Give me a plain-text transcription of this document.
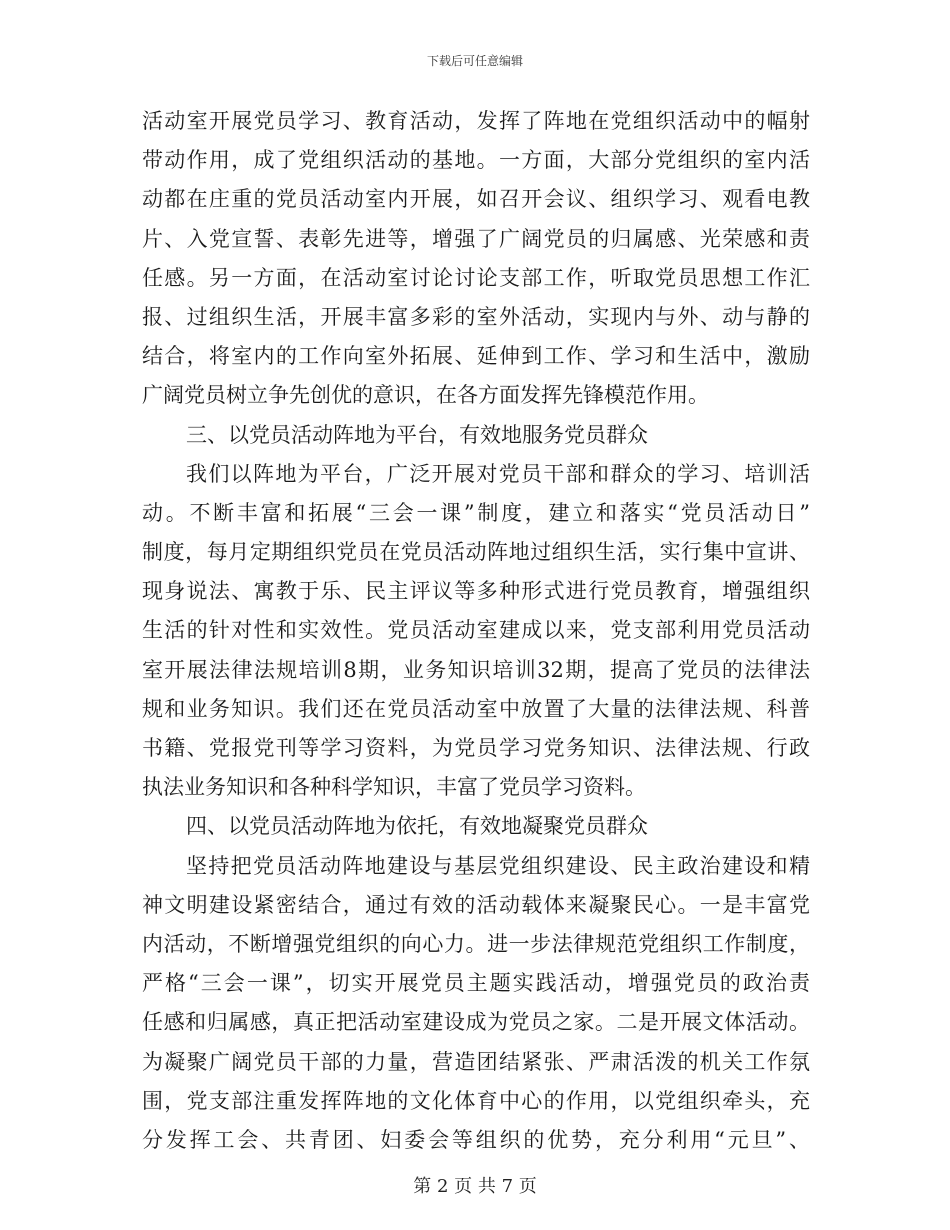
下载后可任意编辑
活动室开展党员学习、教育活动，发挥了阵地在党组织活动中的幅射
带动作用，成了党组织活动的基地。一方面，大部分党组织的室内活
动都在庄重的党员活动室内开展，如召开会议、组织学习、观看电教
片、入党宣誓、表彰先进等，增强了广阔党员的归属感、光荣感和责
任感。另一方面，在活动室讨论讨论支部工作，听取党员思想工作汇
报、过组织生活，开展丰富多彩的室外活动，实现内与外、动与静的
结合，将室内的工作向室外拓展、延伸到工作、学习和生活中，激励
广阔党员树立争先创优的意识，在各方面发挥先锋模范作用。
三、以党员活动阵地为平台，有效地服务党员群众
我们以阵地为平台，广泛开展对党员干部和群众的学习、培训活
动。不断丰富和拓展“三会一课”制度，建立和落实“党员活动日”
制度，每月定期组织党员在党员活动阵地过组织生活，实行集中宣讲、
现身说法、寓教于乐、民主评议等多种形式进行党员教育，增强组织
生活的针对性和实效性。党员活动室建成以来，党支部利用党员活动
室开展法律法规培训8期，业务知识培训32期，提高了党员的法律法
规和业务知识。我们还在党员活动室中放置了大量的法律法规、科普
书籍、党报党刊等学习资料，为党员学习党务知识、法律法规、行政
执法业务知识和各种科学知识，丰富了党员学习资料。
四、以党员活动阵地为依托，有效地凝聚党员群众
坚持把党员活动阵地建设与基层党组织建设、民主政治建设和精
神文明建设紧密结合，通过有效的活动载体来凝聚民心。一是丰富党
内活动，不断增强党组织的向心力。进一步法律规范党组织工作制度，
严格“三会一课”，切实开展党员主题实践活动，增强党员的政治责
任感和归属感，真正把活动室建设成为党员之家。二是开展文体活动。
为凝聚广阔党员干部的力量，营造团结紧张、严肃活泼的机关工作氛
围，党支部注重发挥阵地的文化体育中心的作用，以党组织牵头，充
分发挥工会、共青团、妇委会等组织的优势，充分利用“元旦”、
第 2 页 共 7 页
